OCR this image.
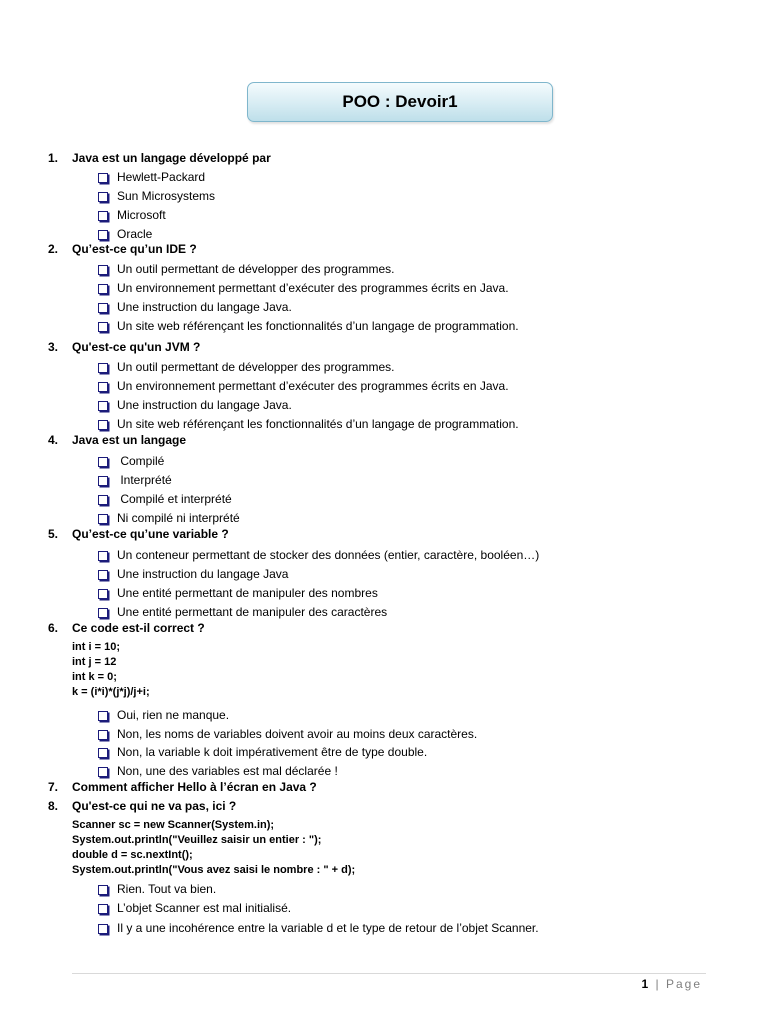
POO : Devoir1
1. Java est un langage développé par
Hewlett-Packard
Sun Microsystems
Microsoft
Oracle
2. Qu’est-ce qu’un IDE ?
Un outil permettant de développer des programmes.
Un environnement permettant d’exécuter des programmes écrits en Java.
Une instruction du langage Java.
Un site web référençant les fonctionnalités d’un langage de programmation.
3. Qu'est-ce qu'un JVM ?
Un outil permettant de développer des programmes.
Un environnement permettant d’exécuter des programmes écrits en Java.
Une instruction du langage Java.
Un site web référençant les fonctionnalités d’un langage de programmation.
4. Java est un langage
Compilé
Interprété
Compilé et interprété
Ni compilé ni interprété
5. Qu’est-ce qu’une variable ?
Un conteneur permettant de stocker des données (entier, caractère, booléen…)
Une instruction du langage Java
Une entité permettant de manipuler des nombres
Une entité permettant de manipuler des caractères
6. Ce code est-il correct ?
int i = 10;
int j = 12
int k = 0;
k = (i*i)*(j*j)/j+i;
Oui, rien ne manque.
Non, les noms de variables doivent avoir au moins deux caractères.
Non, la variable k doit impérativement être de type double.
Non, une des variables est mal déclarée !
7. Comment afficher Hello à l’écran en Java ?
8. Qu'est-ce qui ne va pas, ici ?
Scanner sc = new Scanner(System.in);
System.out.println("Veuillez saisir un entier : ");
double d = sc.nextInt();
System.out.println("Vous avez saisi le nombre : " + d);
Rien. Tout va bien.
L’objet Scanner est mal initialisé.
Il y a une incohérence entre la variable d et le type de retour de l’objet Scanner.
1 | Page
